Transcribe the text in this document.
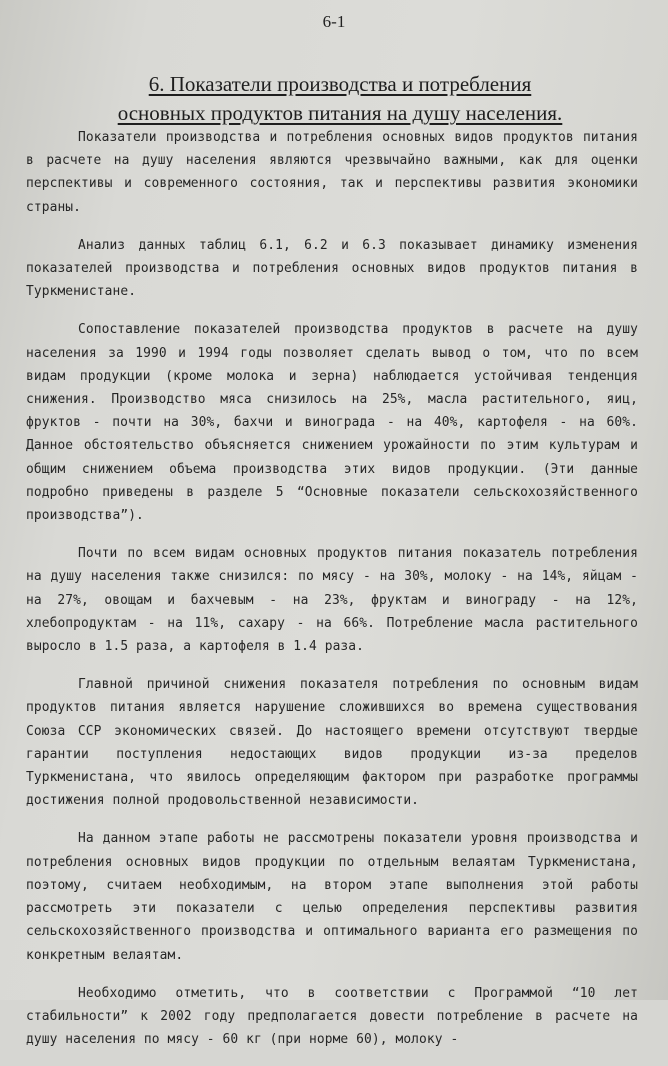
6-1
6. Показатели производства и потребления
основных продуктов питания на душу населения.

Показатели производства и потребления основных видов продуктов питания в расчете на душу населения являются чрезвычайно важными, как для оценки перспективы и современного состояния, так и перспективы развития экономики страны.

Анализ данных таблиц 6.1, 6.2 и 6.3 показывает динамику изменения показателей производства и потребления основных видов продуктов питания в Туркменистане.

Сопоставление показателей производства продуктов в расчете на душу населения за 1990 и 1994 годы позволяет сделать вывод о том, что по всем видам продукции (кроме молока и зерна) наблюдается устойчивая тенденция снижения. Производство мяса снизилось на 25%, масла растительного, яиц, фруктов - почти на 30%, бахчи и винограда - на 40%, картофеля - на 60%. Данное обстоятельство объясняется снижением урожайности по этим культурам и общим снижением объема производства этих видов продукции. (Эти данные подробно приведены в разделе 5 “Основные показатели сельскохозяйственного производства”).

Почти по всем видам основных продуктов питания показатель потребления на душу населения также снизился: по мясу - на 30%, молоку - на 14%, яйцам - на 27%, овощам и бахчевым - на 23%, фруктам и винограду - на 12%, хлебопродуктам - на 11%, сахару - на 66%. Потребление масла растительного выросло в 1.5 раза, а картофеля в 1.4 раза.

Главной причиной снижения показателя потребления по основным видам продуктов питания является нарушение сложившихся во времена существования Союза ССР экономических связей. До настоящего времени отсутствуют твердые гарантии поступления недостающих видов продукции из-за пределов Туркменистана, что явилось определяющим фактором при разработке программы достижения полной продовольственной независимости.

На данном этапе работы не рассмотрены показатели уровня производства и потребления основных видов продукции по отдельным велаятам Туркменистана, поэтому, считаем необходимым, на втором этапе выполнения этой работы рассмотреть эти показатели с целью определения перспективы развития сельскохозяйственного производства и оптимального варианта его размещения по конкретным велаятам.

Необходимо отметить, что в соответствии с Программой “10 лет стабильности” к 2002 году предполагается довести потребление в расчете на душу населения по мясу - 60 кг (при норме 60), молоку -
